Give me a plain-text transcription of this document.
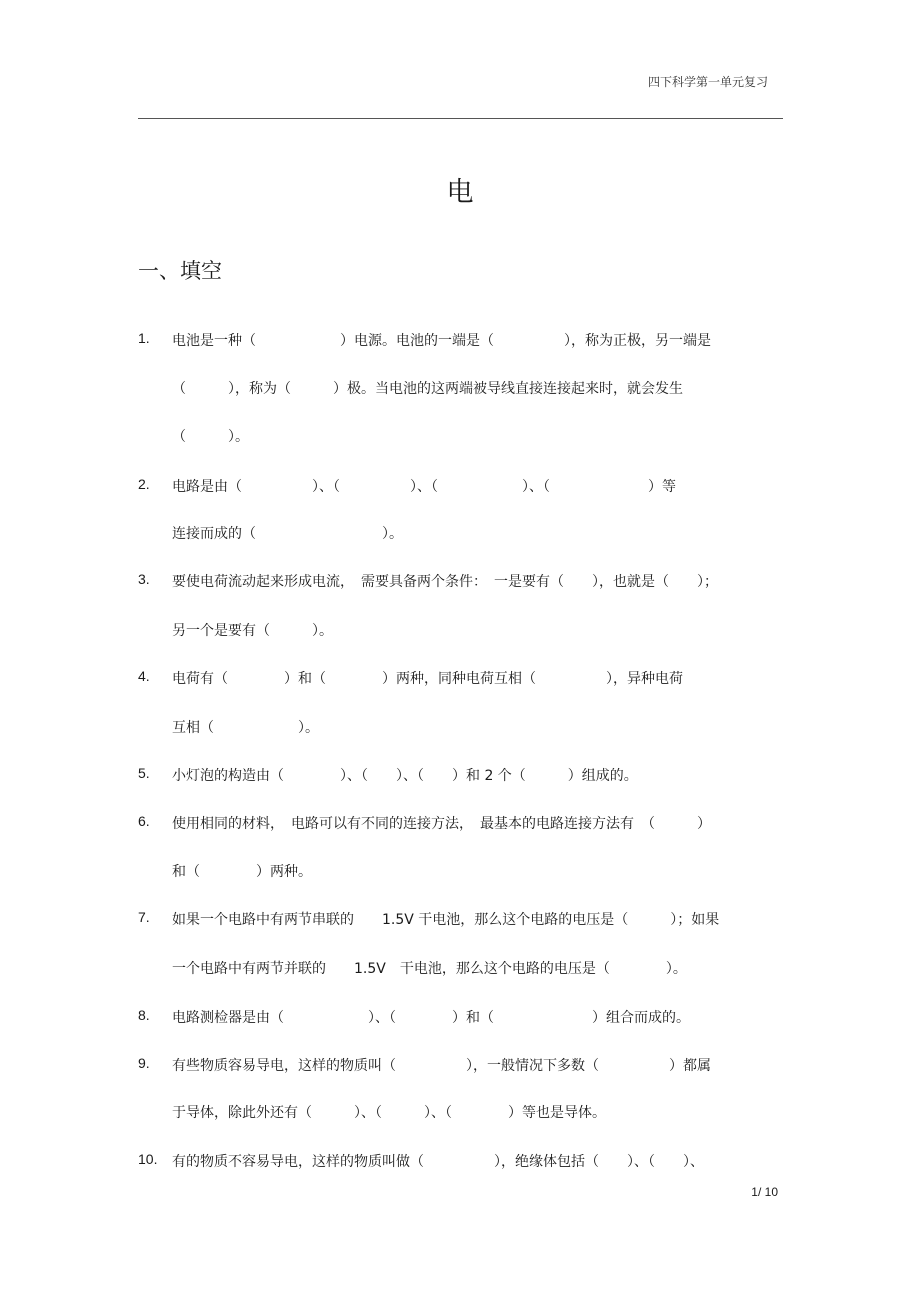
四下科学第一单元复习
电
一、填空
1. 电池是一种（　　　　　　）电源。电池的一端是（　　　　　），称为正极，另一端是
（　　　），称为（　　　）极。当电池的这两端被导线直接连接起来时，就会发生
（　　　）。
2. 电路是由（　　　　　）、（　　　　　）、（　　　　　　）、（　　　　　　　）等
连接而成的（　　　　　　　　　）。
3. 要使电荷流动起来形成电流，　需要具备两个条件：　一是要有（　　），也就是（　　）；
另一个是要有（　　　）。
4. 电荷有（　　　　）和（　　　　）两种，同种电荷互相（　　　　　），异种电荷
互相（　　　　　　）。
5. 小灯泡的构造由（　　　　）、（　　）、（　　）和 2 个（　　　）组成的。
6. 使用相同的材料，　电路可以有不同的连接方法，　最基本的电路连接方法有　（　　　）
和（　　　　）两种。
7. 如果一个电路中有两节串联的　　1.5V 干电池，那么这个电路的电压是（　　　）；如果
一个电路中有两节并联的　　1.5V　干电池，那么这个电路的电压是（　　　　）。
8. 电路测检器是由（　　　　　　）、（　　　　）和（　　　　　　　）组合而成的。
9. 有些物质容易导电，这样的物质叫（　　　　　），一般情况下多数（　　　　　）都属
于导体，除此外还有（　　　）、（　　　）、（　　　　）等也是导体。
10. 有的物质不容易导电，这样的物质叫做（　　　　　），绝缘体包括（　　）、（　　）、
1/ 10
